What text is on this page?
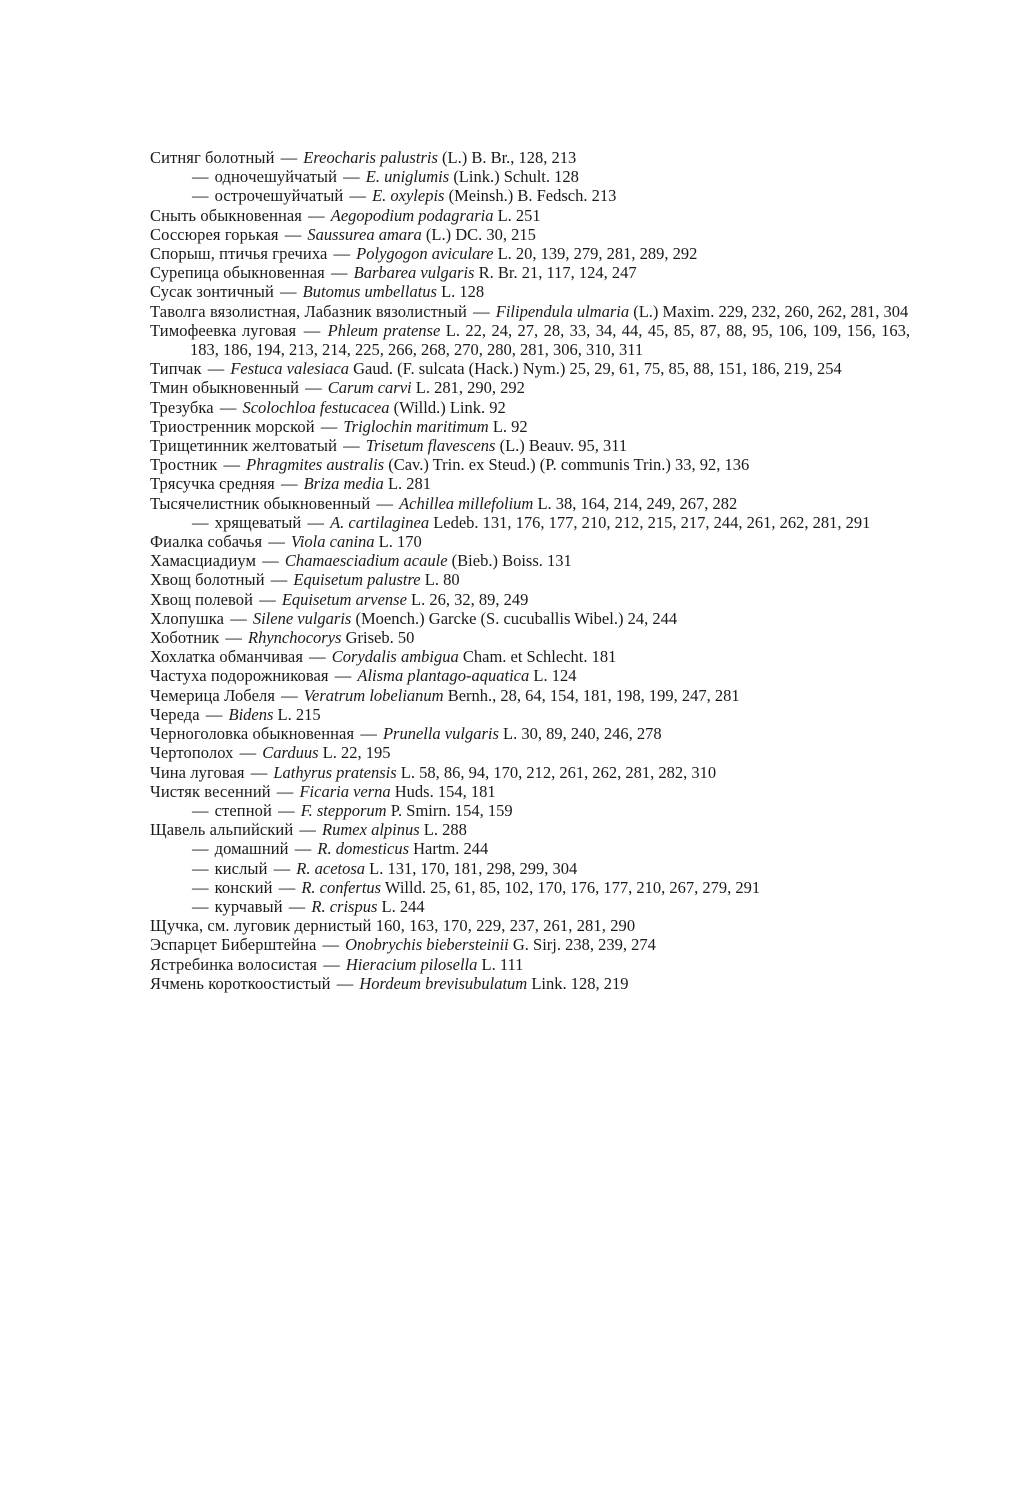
Ситняг болотный — Ereocharis palustris (L.) B. Br., 128, 213
— однoчешуйчатый — E. uniglumis (Link.) Schult. 128
— острочешуйчатый — E. oxylepis (Meinsh.) B. Fedsch. 213
Сныть обыкновенная — Aegopodium podagraria L. 251
Соссюрея горькая — Saussurea amara (L.) DC. 30, 215
Спорыш, птичья гречиха — Polygogon aviculare L. 20, 139, 279, 281, 289, 292
Сурепица обыкновенная — Barbarea vulgaris R. Br. 21, 117, 124, 247
Сусак зонтичный — Butomus umbellatus L. 128
Таволга вязолистная, Лабазник вязолистный — Filipendula ulmaria (L.) Maxim. 229, 232, 260, 262, 281, 304
Тимофеевка луговая — Phleum pratense L. 22, 24, 27, 28, 33, 34, 44, 45, 85, 87, 88, 95, 106, 109, 156, 163, 183, 186, 194, 213, 214, 225, 266, 268, 270, 280, 281, 306, 310, 311
Типчак — Festuca valesiaca Gaud. (F. sulcata (Hack.) Nym.) 25, 29, 61, 75, 85, 88, 151, 186, 219, 254
Тмин обыкновенный — Carum carvi L. 281, 290, 292
Трезубка — Scolochloa festucacea (Willd.) Link. 92
Триостренник морской — Triglochin maritimum L. 92
Трищетинник желтоватый — Trisetum flavescens (L.) Beauv. 95, 311
Тростник — Phragmites australis (Cav.) Trin. ex Steud.) (P. communis Trin.) 33, 92, 136
Трясучка средняя — Briza media L. 281
Тысячелистник обыкновенный — Achillea millefolium L. 38, 164, 214, 249, 267, 282
— хрящеватый — A. cartilaginea Ledeb. 131, 176, 177, 210, 212, 215, 217, 244, 261, 262, 281, 291
Фиалка собачья — Viola canina L. 170
Хамасциадиум — Chamaesciadium acaule (Bieb.) Boiss. 131
Хвощ болотный — Equisetum palustre L. 80
Хвощ полевой — Equisetum arvense L. 26, 32, 89, 249
Хлопушка — Silene vulgaris (Moench.) Garcke (S. cucuballis Wibel.) 24, 244
Хоботник — Rhynchocorys Griseb. 50
Хохлатка обманчивая — Corydalis ambigua Cham. et Schlecht. 181
Частуха подорожниковая — Alisma plantago-aquatica L. 124
Чемерица Лобеля — Veratrum lobelianum Bernh., 28, 64, 154, 181, 198, 199, 247, 281
Череда — Bidens L. 215
Черноголовка обыкновенная — Prunella vulgaris L. 30, 89, 240, 246, 278
Чертополох — Carduus L. 22, 195
Чина луговая — Lathyrus pratensis L. 58, 86, 94, 170, 212, 261, 262, 281, 282, 310
Чистяк весенний — Ficaria verna Huds. 154, 181
— степной — F. stepporum P. Smirn. 154, 159
Щавель альпийский — Rumex alpinus L. 288
— домашний — R. domesticus Hartm. 244
— кислый — R. acetosa L. 131, 170, 181, 298, 299, 304
— конский — R. confertus Willd. 25, 61, 85, 102, 170, 176, 177, 210, 267, 279, 291
— курчавый — R. crispus L. 244
Щучка, см. луговик дернистый 160, 163, 170, 229, 237, 261, 281, 290
Эспарцет Биберштейна — Onobrychis biebersteinii G. Sirj. 238, 239, 274
Ястребинка волосистая — Hieracium pilosella L. 111
Ячмень короткоостистый — Hordeum brevisubulatum Link. 128, 219
